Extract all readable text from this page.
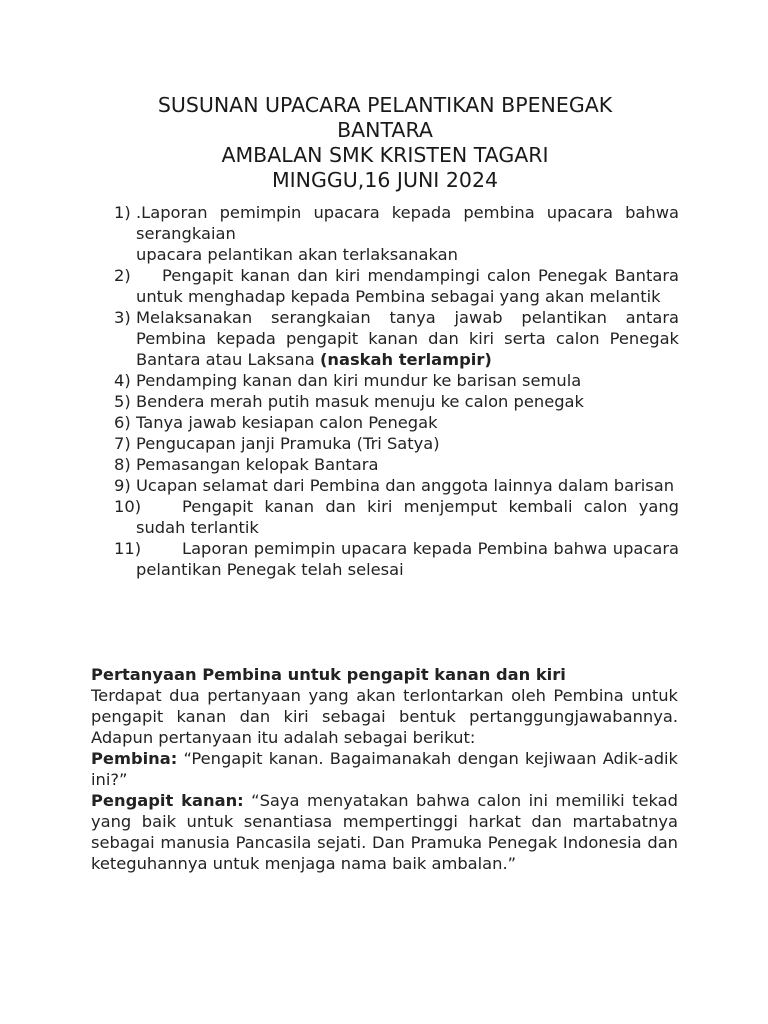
SUSUNAN UPACARA PELANTIKAN BPENEGAK
BANTARA
AMBALAN SMK KRISTEN TAGARI
MINGGU,16 JUNI 2024
1) .Laporan pemimpin upacara kepada pembina upacara bahwa serangkaian
upacara pelantikan akan terlaksanakan
2) Pengapit kanan dan kiri mendampingi calon Penegak Bantara untuk menghadap kepada Pembina sebagai yang akan melantik
3) Melaksanakan serangkaian tanya jawab pelantikan antara Pembina kepada pengapit kanan dan kiri serta calon Penegak Bantara atau Laksana (naskah terlampir)
4) Pendamping kanan dan kiri mundur ke barisan semula
5) Bendera merah putih masuk menuju ke calon penegak
6) Tanya jawab kesiapan calon Penegak
7) Pengucapan janji Pramuka (Tri Satya)
8) Pemasangan kelopak Bantara
9) Ucapan selamat dari Pembina dan anggota lainnya dalam barisan
10)	Pengapit kanan dan kiri menjemput kembali calon yang sudah terlantik
11)	Laporan pemimpin upacara kepada Pembina bahwa upacara pelantikan Penegak telah selesai

Pertanyaan Pembina untuk pengapit kanan dan kiri

Terdapat dua pertanyaan yang akan terlontarkan oleh Pembina untuk pengapit kanan dan kiri sebagai bentuk pertanggungjawabannya. Adapun pertanyaan itu adalah sebagai berikut:

Pembina: “Pengapit kanan. Bagaimanakah dengan kejiwaan Adik-adik ini?”

Pengapit kanan: “Saya menyatakan bahwa calon ini memiliki tekad yang baik untuk senantiasa mempertinggi harkat dan martabatnya sebagai manusia Pancasila sejati. Dan Pramuka Penegak Indonesia dan keteguhannya untuk menjaga nama baik ambalan.”
